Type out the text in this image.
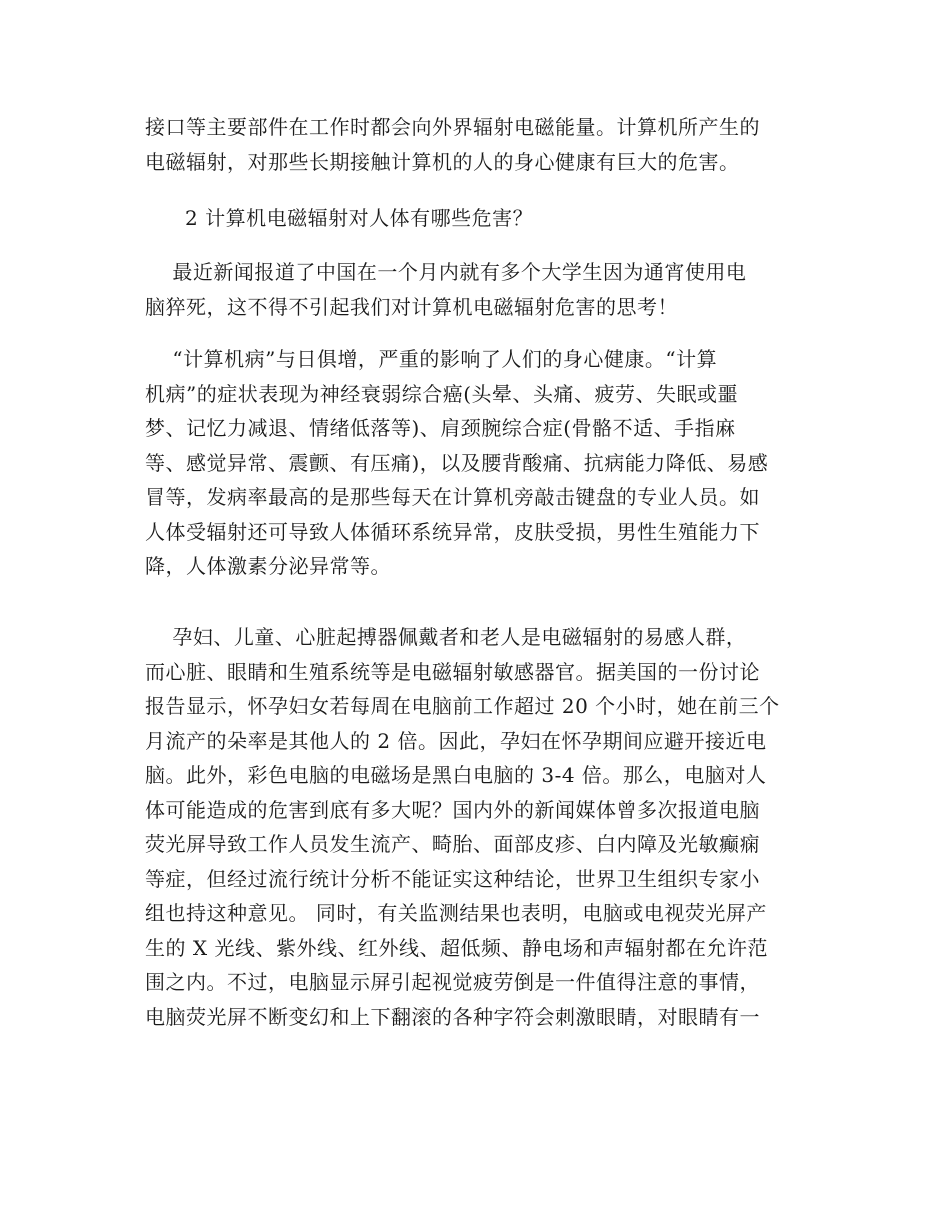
接口等主要部件在工作时都会向外界辐射电磁能量。计算机所产生的
电磁辐射，对那些长期接触计算机的人的身心健康有巨大的危害。
2 计算机电磁辐射对人体有哪些危害？
最近新闻报道了中国在一个月内就有多个大学生因为通宵使用电
脑猝死，这不得不引起我们对计算机电磁辐射危害的思考！
“计算机病”与日俱增，严重的影响了人们的身心健康。“计算
机病”的症状表现为神经衰弱综合癌(头晕、头痛、疲劳、失眠或噩
梦、记忆力减退、情绪低落等)、肩颈腕综合症(骨骼不适、手指麻
等、感觉异常、震颤、有压痛)，以及腰背酸痛、抗病能力降低、易感
冒等，发病率最高的是那些每天在计算机旁敲击键盘的专业人员。如
人体受辐射还可导致人体循环系统异常，皮肤受损，男性生殖能力下
降，人体激素分泌异常等。
孕妇、儿童、心脏起搏器佩戴者和老人是电磁辐射的易感人群，
而心脏、眼睛和生殖系统等是电磁辐射敏感器官。据美国的一份讨论
报告显示，怀孕妇女若每周在电脑前工作超过 20 个小时，她在前三个
月流产的朵率是其他人的 2 倍。因此，孕妇在怀孕期间应避开接近电
脑。此外，彩色电脑的电磁场是黑白电脑的 3-4 倍。那么，电脑对人
体可能造成的危害到底有多大呢？国内外的新闻媒体曾多次报道电脑
荧光屏导致工作人员发生流产、畸胎、面部皮疹、白内障及光敏癫痫
等症，但经过流行统计分析不能证实这种结论，世界卫生组织专家小
组也持这种意见。 同时，有关监测结果也表明，电脑或电视荧光屏产
生的 X 光线、紫外线、红外线、超低频、静电场和声辐射都在允许范
围之内。不过，电脑显示屏引起视觉疲劳倒是一件值得注意的事情，
电脑荧光屏不断变幻和上下翻滚的各种字符会刺激眼睛，对眼睛有一
